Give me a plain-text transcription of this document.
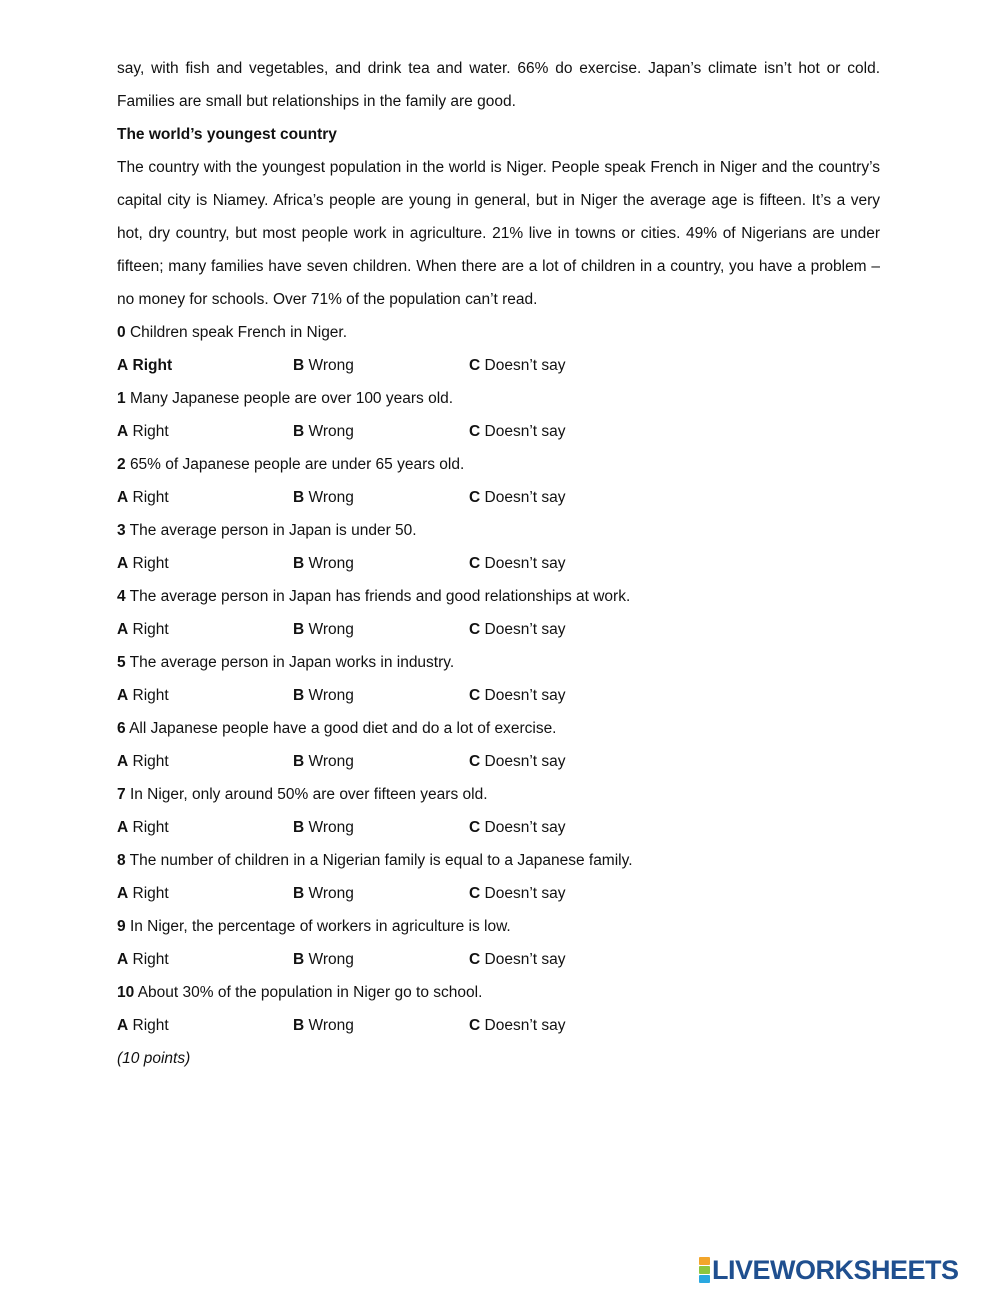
say, with fish and vegetables, and drink tea and water. 66% do exercise. Japan’s climate isn’t hot or cold. Families are small but relationships in the family are good.

The world’s youngest country

The country with the youngest population in the world is Niger. People speak French in Niger and the country’s capital city is Niamey. Africa’s people are young in general, but in Niger the average age is fifteen. It’s a very hot, dry country, but most people work in agriculture. 21% live in towns or cities. 49% of Nigerians are under fifteen; many families have seven children. When there are a lot of children in a country, you have a problem – no money for schools. Over 71% of the population can’t read.

0 Children speak French in Niger.

A Right	B Wrong	C Doesn’t say

1 Many Japanese people are over 100 years old.

A Right	B Wrong	C Doesn’t say

2 65% of Japanese people are under 65 years old.

A Right	B Wrong	C Doesn’t say

3 The average person in Japan is under 50.

A Right	B Wrong	C Doesn’t say

4 The average person in Japan has friends and good relationships at work.

A Right	B Wrong	C Doesn’t say

5 The average person in Japan works in industry.

A Right	B Wrong	C Doesn’t say

6 All Japanese people have a good diet and do a lot of exercise.

A Right	B Wrong	C Doesn’t say

7 In Niger, only around 50% are over fifteen years old.

A Right	B Wrong	C Doesn’t say

8 The number of children in a Nigerian family is equal to a Japanese family.

A Right	B Wrong	C Doesn’t say

9 In Niger, the percentage of workers in agriculture is low.

A Right	B Wrong	C Doesn’t say

10 About 30% of the population in Niger go to school.

A Right	B Wrong	C Doesn’t say

(10 points)

LIVEWORKSHEETS
